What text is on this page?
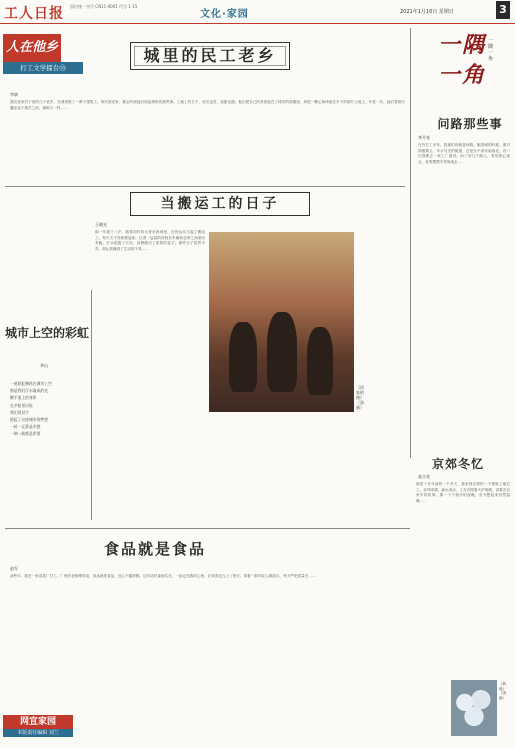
工人日报 国内统一刊号 CN11-0001 代号 1-15
文化·家园	2021年1月10日 星期日	3
人在他乡
打工文学擂台㉟
城里的民工老乡
李斌
我们老家村子里的几个老乡，在城里做了一辈子建筑工。每次回老家，都会听到他们说起城里的那些事。工地上的日子，说苦也苦，说甜也甜。他们把自己的青春留在了城市的高楼里，却把一颗心始终留在乡下的那片土地上。年复一年，他们背着行囊往返于城乡之间，像候鸟一样……
一 隅
一 角
一隅一角
问路那些事
李月亮
在外打工多年，我最怕的就是问路。刚进城的时候，面对高楼林立、车水马龙的街道，总是分不清东南西北。有一次我要去一家工厂面试，问了好几个路人，有的热心指点，有的摆摆手匆匆离去……
当搬运工的日子
王晓光
那一年我十八岁，跟着同村的大哥来到城里，在货运站当起了搬运工。每天天不亮就要起床，扛着一袋袋的货物在车厢和仓库之间来回奔跑。汗水湿透了衣衫，肩膀磨出了厚厚的茧子。那些日子虽然辛苦，却让我懂得了生活的不易……
《回家的路》（油画）
城市上空的彩虹
华山
一道彩虹横跨在城市上空
那是我们汗水凝成的光
脚手架上的身影
在夕阳里闪烁
我们用双手
搭起了这座城市的梦想
一砖一瓦都是乡愁
一钢一筋都是希望
京郊冬忆
高立英
那是十多年前的一个冬天，我来到京郊的一个建筑工地打工。北风呼啸，滴水成冰，工友们围着火炉取暖，讲着各自家乡的故事。那一个个寒冷的夜晚，至今想起来仍然温暖……
食品就是食品
赵军
前些年，我在一家食品厂打工。厂里的老师傅常说，食品就是食品，良心不能掺假。这句话朴素而实在，一直记在我的心里。后来我也当上了班长，带着一群年轻人做面点，每天严把质量关……
《秋菊》（国画）
网宣家园
本版责任编辑 刘兰
